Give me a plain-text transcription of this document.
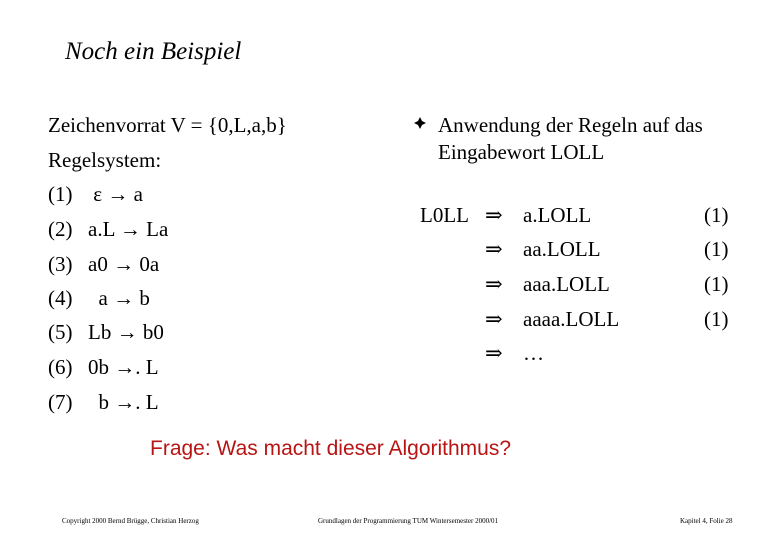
Noch ein Beispiel
Zeichenvorrat V = {0,L,a,b}
Regelsystem:
(1) ε → a
(2) a.L → La
(3) a0 → 0a
(4)  a → b
(5) Lb → b0
(6) 0b →. L
(7)  b →. L
Anwendung der Regeln auf das
Eingabewort LOLL
L0LL ⇒ a.LOLL	(1)
⇒ aa.LOLL	(1)
⇒ aaa.LOLL	(1)
⇒ aaaa.LOLL	(1)
⇒ …
Frage: Was macht dieser Algorithmus?
Copyright 2000 Bernd Brügge, Christian Herzog	Grundlagen der Programmierung TUM Wintersemester 2000/01	Kapitel 4, Folie 28
